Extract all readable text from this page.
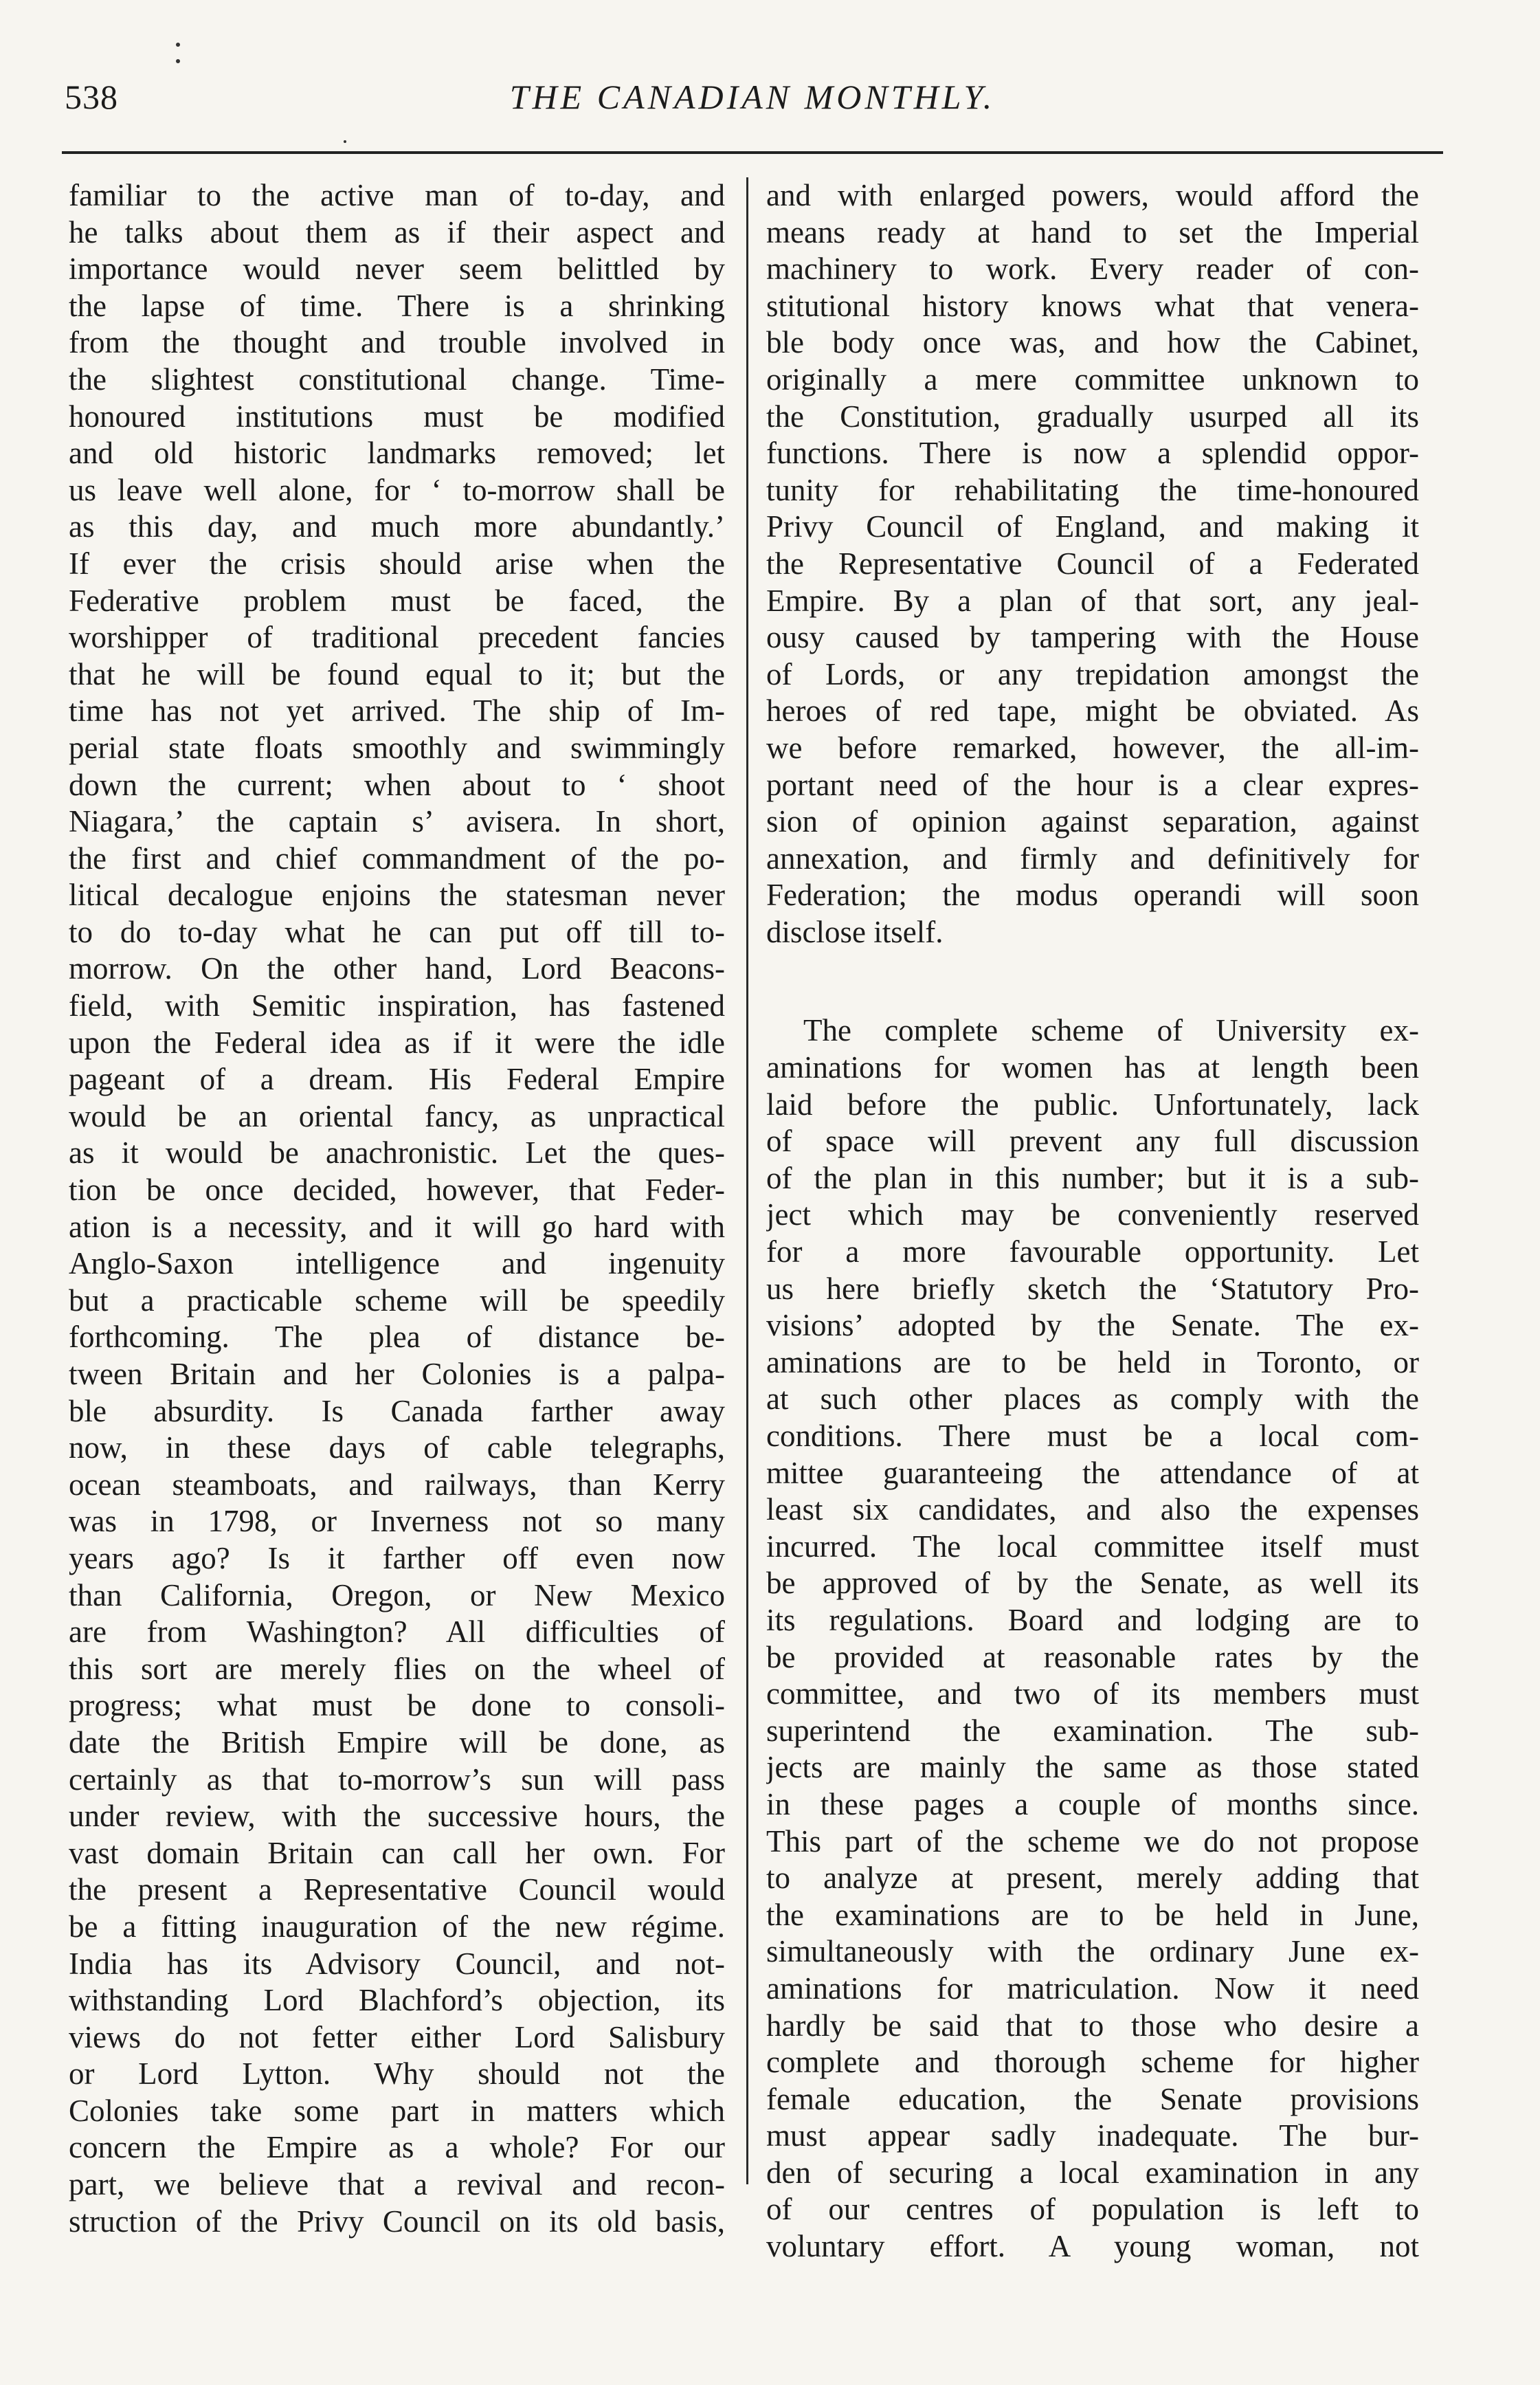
538	THE CANADIAN MONTHLY.
familiar to the active man of to-day, and
he talks about them as if their aspect and
importance would never seem belittled by
the lapse of time. There is a shrinking
from the thought and trouble involved in
the slightest constitutional change. Time-
honoured institutions must be modified
and old historic landmarks removed; let
us leave well alone, for ‘ to-morrow shall be
as this day, and much more abundantly.’
If ever the crisis should arise when the
Federative problem must be faced, the
worshipper of traditional precedent fancies
that he will be found equal to it; but the
time has not yet arrived. The ship of Im-
perial state floats smoothly and swimmingly
down the current; when about to ‘ shoot
Niagara,’ the captain s’ avisera. In short,
the first and chief commandment of the po-
litical decalogue enjoins the statesman never
to do to-day what he can put off till to-
morrow. On the other hand, Lord Beacons-
field, with Semitic inspiration, has fastened
upon the Federal idea as if it were the idle
pageant of a dream. His Federal Empire
would be an oriental fancy, as unpractical
as it would be anachronistic. Let the ques-
tion be once decided, however, that Feder-
ation is a necessity, and it will go hard with
Anglo-Saxon intelligence and ingenuity
but a practicable scheme will be speedily
forthcoming. The plea of distance be-
tween Britain and her Colonies is a palpa-
ble absurdity. Is Canada farther away
now, in these days of cable telegraphs,
ocean steamboats, and railways, than Kerry
was in 1798, or Inverness not so many
years ago? Is it farther off even now
than California, Oregon, or New Mexico
are from Washington? All difficulties of
this sort are merely flies on the wheel of
progress; what must be done to consoli-
date the British Empire will be done, as
certainly as that to-morrow’s sun will pass
under review, with the successive hours, the
vast domain Britain can call her own. For
the present a Representative Council would
be a fitting inauguration of the new régime.
India has its Advisory Council, and not-
withstanding Lord Blachford’s objection, its
views do not fetter either Lord Salisbury
or Lord Lytton. Why should not the
Colonies take some part in matters which
concern the Empire as a whole? For our
part, we believe that a revival and recon-
struction of the Privy Council on its old basis,
and with enlarged powers, would afford the
means ready at hand to set the Imperial
machinery to work. Every reader of con-
stitutional history knows what that venera-
ble body once was, and how the Cabinet,
originally a mere committee unknown to
the Constitution, gradually usurped all its
functions. There is now a splendid oppor-
tunity for rehabilitating the time-honoured
Privy Council of England, and making it
the Representative Council of a Federated
Empire. By a plan of that sort, any jeal-
ousy caused by tampering with the House
of Lords, or any trepidation amongst the
heroes of red tape, might be obviated. As
we before remarked, however, the all-im-
portant need of the hour is a clear expres-
sion of opinion against separation, against
annexation, and firmly and definitively for
Federation; the modus operandi will soon
disclose itself.
The complete scheme of University ex-
aminations for women has at length been
laid before the public. Unfortunately, lack
of space will prevent any full discussion
of the plan in this number; but it is a sub-
ject which may be conveniently reserved
for a more favourable opportunity. Let
us here briefly sketch the ‘Statutory Pro-
visions’ adopted by the Senate. The ex-
aminations are to be held in Toronto, or
at such other places as comply with the
conditions. There must be a local com-
mittee guaranteeing the attendance of at
least six candidates, and also the expenses
incurred. The local committee itself must
be approved of by the Senate, as well its
its regulations. Board and lodging are to
be provided at reasonable rates by the
committee, and two of its members must
superintend the examination. The sub-
jects are mainly the same as those stated
in these pages a couple of months since.
This part of the scheme we do not propose
to analyze at present, merely adding that
the examinations are to be held in June,
simultaneously with the ordinary June ex-
aminations for matriculation. Now it need
hardly be said that to those who desire a
complete and thorough scheme for higher
female education, the Senate provisions
must appear sadly inadequate. The bur-
den of securing a local examination in any
of our centres of population is left to
voluntary effort. A young woman, not
